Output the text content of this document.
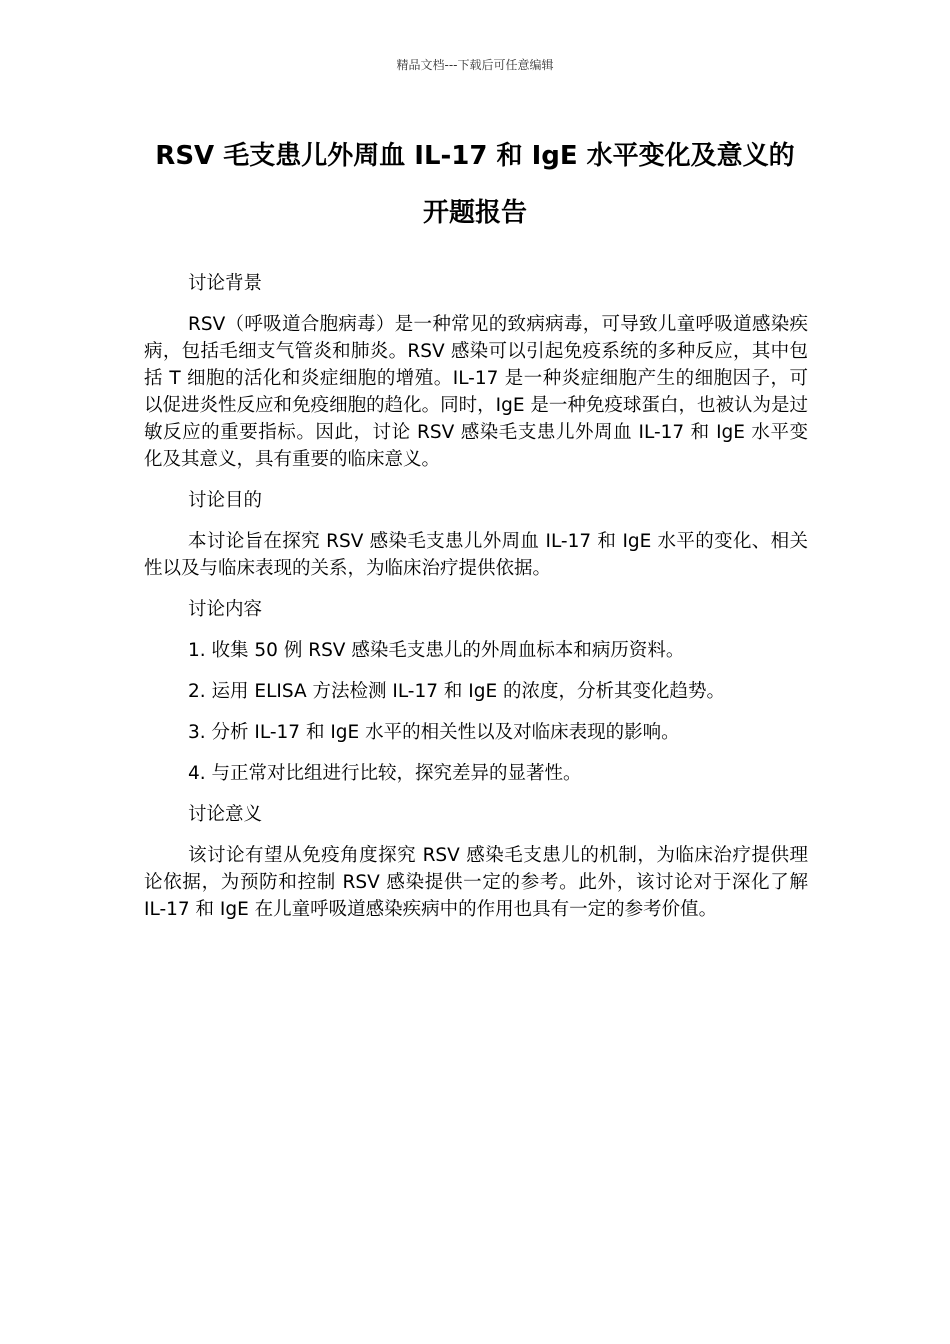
精品文档---下载后可任意编辑
RSV 毛支患儿外周血 IL-17 和 IgE 水平变化及意义的
开题报告

讨论背景

RSV（呼吸道合胞病毒）是一种常见的致病病毒，可导致儿童呼吸道感染疾病，包括毛细支气管炎和肺炎。RSV 感染可以引起免疫系统的多种反应，其中包括 T 细胞的活化和炎症细胞的增殖。IL-17 是一种炎症细胞产生的细胞因子，可以促进炎性反应和免疫细胞的趋化。同时，IgE 是一种免疫球蛋白，也被认为是过敏反应的重要指标。因此，讨论 RSV 感染毛支患儿外周血 IL-17 和 IgE 水平变化及其意义，具有重要的临床意义。

讨论目的

本讨论旨在探究 RSV 感染毛支患儿外周血 IL-17 和 IgE 水平的变化、相关性以及与临床表现的关系，为临床治疗提供依据。

讨论内容

1. 收集 50 例 RSV 感染毛支患儿的外周血标本和病历资料。

2. 运用 ELISA 方法检测 IL-17 和 IgE 的浓度，分析其变化趋势。

3. 分析 IL-17 和 IgE 水平的相关性以及对临床表现的影响。

4. 与正常对比组进行比较，探究差异的显著性。

讨论意义

该讨论有望从免疫角度探究 RSV 感染毛支患儿的机制，为临床治疗提供理论依据，为预防和控制 RSV 感染提供一定的参考。此外，该讨论对于深化了解 IL-17 和 IgE 在儿童呼吸道感染疾病中的作用也具有一定的参考价值。
